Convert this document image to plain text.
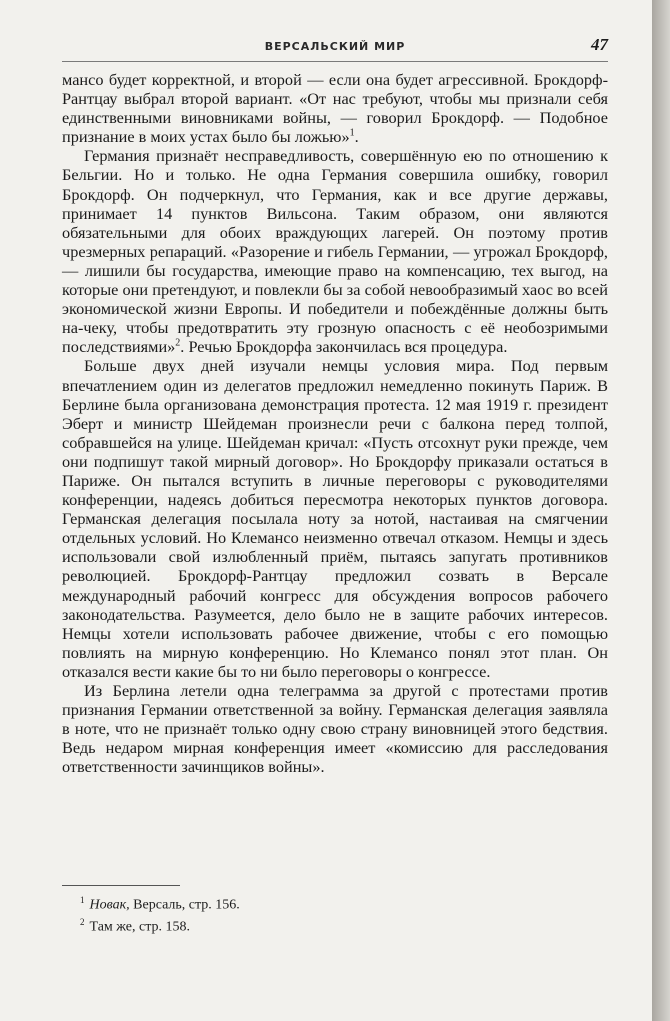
ВЕРСАЛЬСКИЙ МИР	47

мансо будет корректной, и второй — если она будет агрессивной. Брокдорф-Рантцау выбрал второй вариант. «От нас требуют, чтобы мы признали себя единственными виновниками войны, — говорил Брокдорф. — Подобное признание в моих устах было бы ложью»$^1$.

Германия признаёт несправедливость, совершённую ею по отношению к Бельгии. Но и только. Не одна Германия совершила ошибку, говорил Брокдорф. Он подчеркнул, что Германия, как и все другие державы, принимает 14 пунктов Вильсона. Таким образом, они являются обязательными для обоих враждующих лагерей. Он поэтому против чрезмерных репараций. «Разорение и гибель Германии, — угрожал Брокдорф, — лишили бы государства, имеющие право на компенсацию, тех выгод, на которые они претендуют, и повлекли бы за собой невообразимый хаос во всей экономической жизни Европы. И победители и побеждённые должны быть на-чеку, чтобы предотвратить эту грозную опасность с её необозримыми последствиями»$^2$. Речью Брокдорфа закончилась вся процедура.

Больше двух дней изучали немцы условия мира. Под первым впечатлением один из делегатов предложил немедленно покинуть Париж. В Берлине была организована демонстрация протеста. 12 мая 1919 г. президент Эберт и министр Шейдеман произнесли речи с балкона перед толпой, собравшейся на улице. Шейдеман кричал: «Пусть отсохнут руки прежде, чем они подпишут такой мирный договор». Но Брокдорфу приказали остаться в Париже. Он пытался вступить в личные переговоры с руководителями конференции, надеясь добиться пересмотра некоторых пунктов договора. Германская делегация посылала ноту за нотой, настаивая на смягчении отдельных условий. Но Клемансо неизменно отвечал отказом. Немцы и здесь использовали свой излюбленный приём, пытаясь запугать противников революцией. Брокдорф-Рантцау предложил созвать в Версале международный рабочий конгресс для обсуждения вопросов рабочего законодательства. Разумеется, дело было не в защите рабочих интересов. Немцы хотели использовать рабочее движение, чтобы с его помощью повлиять на мирную конференцию. Но Клемансо понял этот план. Он отказался вести какие бы то ни было переговоры о конгрессе.

Из Берлина летели одна телеграмма за другой с протестами против признания Германии ответственной за войну. Германская делегация заявляла в ноте, что не признаёт только одну свою страну виновницей этого бедствия. Ведь недаром мирная конференция имеет «комиссию для расследования ответственности зачинщиков войны».

$^1$ Новак, Версаль, стр. 156.

$^2$ Там же, стр. 158.
